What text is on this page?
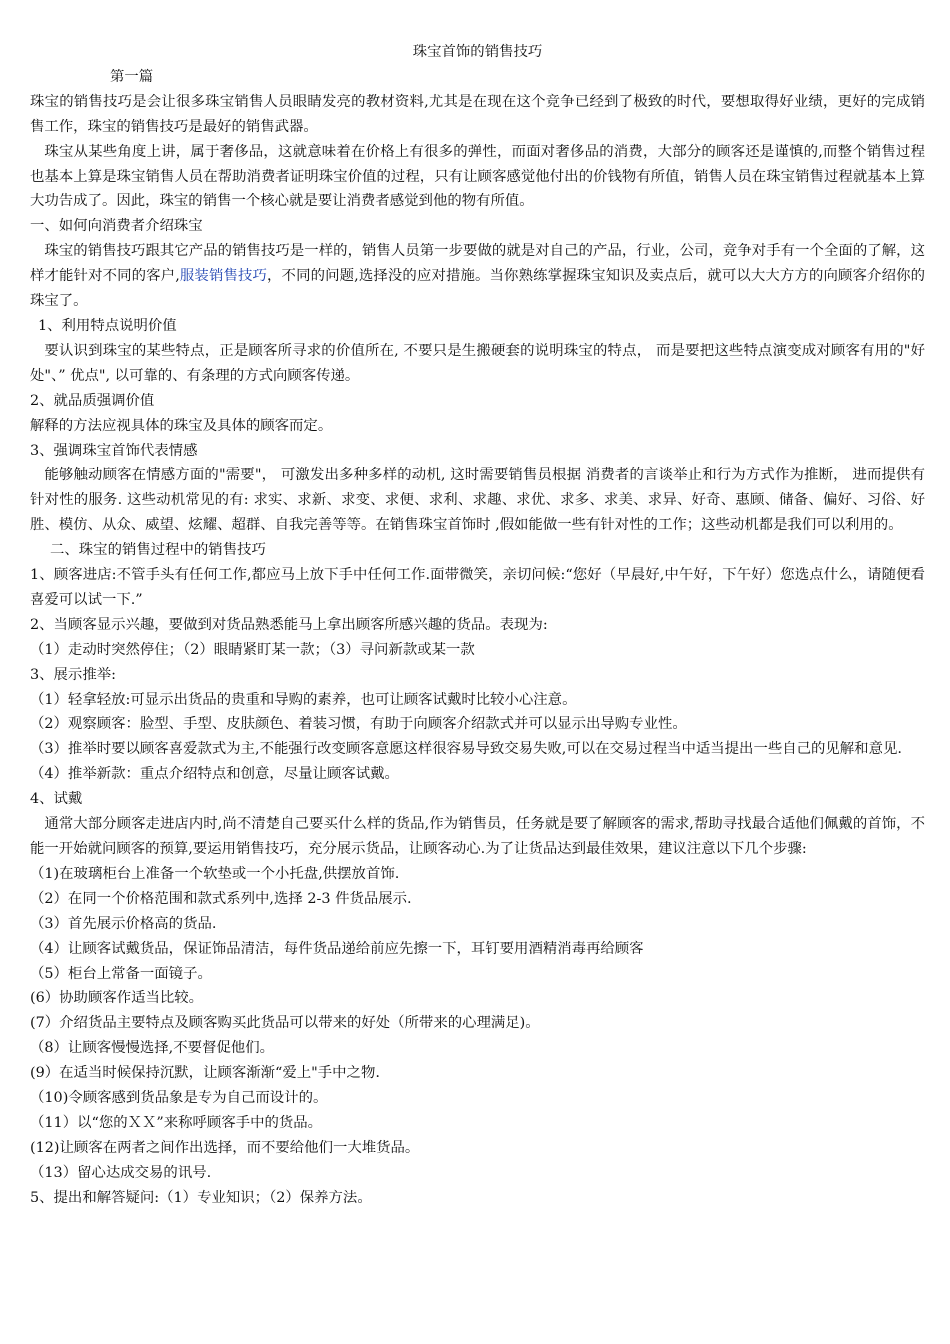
珠宝首饰的销售技巧

第一篇

珠宝的销售技巧是会让很多珠宝销售人员眼睛发亮的教材资料,尤其是在现在这个竞争已经到了极致的时代，要想取得好业绩，更好的完成销售工作，珠宝的销售技巧是最好的销售武器。

珠宝从某些角度上讲，属于奢侈品，这就意味着在价格上有很多的弹性，而面对奢侈品的消费，大部分的顾客还是谨慎的,而整个销售过程也基本上算是珠宝销售人员在帮助消费者证明珠宝价值的过程，只有让顾客感觉他付出的价钱物有所值，销售人员在珠宝销售过程就基本上算大功告成了。因此，珠宝的销售一个核心就是要让消费者感觉到他的物有所值。

一、如何向消费者介绍珠宝

珠宝的销售技巧跟其它产品的销售技巧是一样的，销售人员第一步要做的就是对自己的产品，行业，公司，竞争对手有一个全面的了解，这样才能针对不同的客户,服装销售技巧，不同的问题,选择没的应对措施。当你熟练掌握珠宝知识及卖点后，就可以大大方方的向顾客介绍你的珠宝了。

1、利用特点说明价值

要认识到珠宝的某些特点，正是顾客所寻求的价值所在, 不要只是生搬硬套的说明珠宝的特点， 而是要把这些特点演变成对顾客有用的"好处"、” 优点", 以可靠的、有条理的方式向顾客传递。

2、就品质强调价值

解释的方法应视具体的珠宝及具体的顾客而定。

3、强调珠宝首饰代表情感

能够触动顾客在情感方面的"需要"， 可激发出多种多样的动机, 这时需要销售员根据 消费者的言谈举止和行为方式作为推断， 进而提供有针对性的服务. 这些动机常见的有: 求实、求新、求变、求便、求利、求趣、求优、求多、求美、求异、好奇、惠顾、储备、偏好、习俗、好胜、模仿、从众、威望、炫耀、超群、自我完善等等。在销售珠宝首饰时 ,假如能做一些有针对性的工作；这些动机都是我们可以利用的。

二、珠宝的销售过程中的销售技巧

1、顾客进店:不管手头有任何工作,都应马上放下手中任何工作.面带微笑，亲切问候:“您好（早晨好,中午好，下午好）您选点什么，请随便看喜爱可以试一下.”

2、当顾客显示兴趣，要做到对货品熟悉能马上拿出顾客所感兴趣的货品。表现为:

（1）走动时突然停住；（2）眼睛紧盯某一款；（3）寻问新款或某一款

3、展示推举:

（1）轻拿轻放:可显示出货品的贵重和导购的素养，也可让顾客试戴时比较小心注意。

（2）观察顾客：脸型、手型、皮肤颜色、着装习惯，有助于向顾客介绍款式并可以显示出导购专业性。

（3）推举时要以顾客喜爱款式为主,不能强行改变顾客意愿这样很容易导致交易失败,可以在交易过程当中适当提出一些自己的见解和意见.

（4）推举新款：重点介绍特点和创意，尽量让顾客试戴。

4、试戴

通常大部分顾客走进店内时,尚不清楚自己要买什么样的货品,作为销售员，任务就是要了解顾客的需求,帮助寻找最合适他们佩戴的首饰，不能一开始就问顾客的预算,要运用销售技巧，充分展示货品，让顾客动心.为了让货品达到最佳效果，建议注意以下几个步骤:

（1)在玻璃柜台上准备一个软垫或一个小托盘,供摆放首饰.

（2）在同一个价格范围和款式系列中,选择 2-3 件货品展示.

（3）首先展示价格高的货品.

（4）让顾客试戴货品，保证饰品清洁，每件货品递给前应先擦一下，耳钉要用酒精消毒再给顾客

（5）柜台上常备一面镜子。

(6）协助顾客作适当比较。

(7）介绍货品主要特点及顾客购买此货品可以带来的好处（所带来的心理满足)。

（8）让顾客慢慢选择,不要督促他们。

(9）在适当时候保持沉默，让顾客渐渐“爱上"手中之物.

（10)令顾客感到货品象是专为自己而设计的。

（11）以“您的ＸＸ”来称呼顾客手中的货品。

(12)让顾客在两者之间作出选择，而不要给他们一大堆货品。

（13）留心达成交易的讯号.

5、提出和解答疑问:（1）专业知识；（2）保养方法。
